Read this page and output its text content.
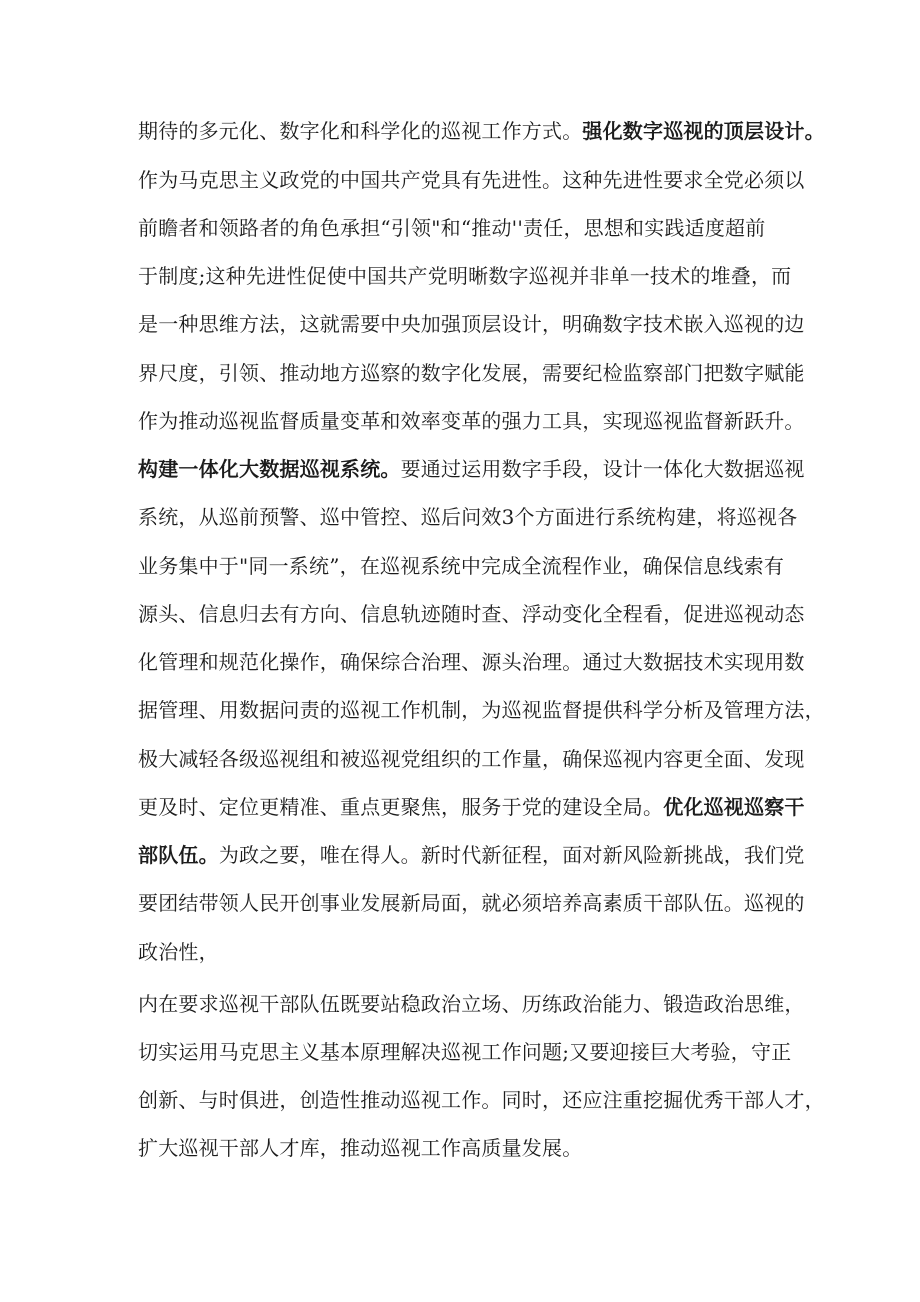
期待的多元化、数字化和科学化的巡视工作方式。强化数字巡视的顶层设计。
作为马克思主义政党的中国共产党具有先进性。这种先进性要求全党必须以
前瞻者和领路者的角色承担“引领"和“推动''责任，思想和实践适度超前
于制度;这种先进性促使中国共产党明晰数字巡视并非单一技术的堆叠，而
是一种思维方法，这就需要中央加强顶层设计，明确数字技术嵌入巡视的边
界尺度，引领、推动地方巡察的数字化发展，需要纪检监察部门把数字赋能
作为推动巡视监督质量变革和效率变革的强力工具，实现巡视监督新跃升。
构建一体化大数据巡视系统。要通过运用数字手段，设计一体化大数据巡视
系统，从巡前预警、巡中管控、巡后问效3个方面进行系统构建，将巡视各
业务集中于"同一系统”，在巡视系统中完成全流程作业，确保信息线索有
源头、信息归去有方向、信息轨迹随时查、浮动变化全程看，促进巡视动态
化管理和规范化操作，确保综合治理、源头治理。通过大数据技术实现用数
据管理、用数据问责的巡视工作机制，为巡视监督提供科学分析及管理方法，
极大减轻各级巡视组和被巡视党组织的工作量，确保巡视内容更全面、发现
更及时、定位更精准、重点更聚焦，服务于党的建设全局。优化巡视巡察干
部队伍。为政之要，唯在得人。新时代新征程，面对新风险新挑战，我们党
要团结带领人民开创事业发展新局面，就必须培养高素质干部队伍。巡视的
政治性，
内在要求巡视干部队伍既要站稳政治立场、历练政治能力、锻造政治思维，
切实运用马克思主义基本原理解决巡视工作问题;又要迎接巨大考验，守正
创新、与时俱进，创造性推动巡视工作。同时，还应注重挖掘优秀干部人才，
扩大巡视干部人才库，推动巡视工作高质量发展。
